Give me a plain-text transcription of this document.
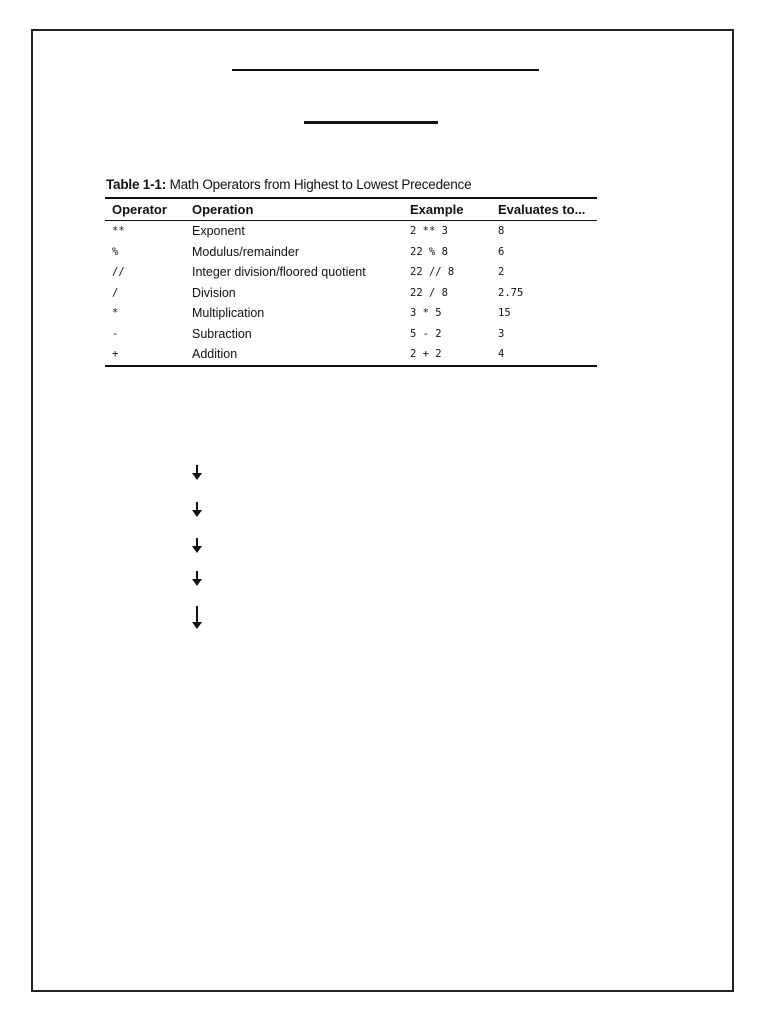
Table 1-1: Math Operators from Highest to Lowest Precedence
Operator	Operation	Example	Evaluates to...
**	Exponent	2 ** 3	8
%	Modulus/remainder	22 % 8	6
//	Integer division/floored quotient	22 // 8	2
/	Division	22 / 8	2.75
*	Multiplication	3 * 5	15
-	Subraction	5 - 2	3
+	Addition	2 + 2	4
